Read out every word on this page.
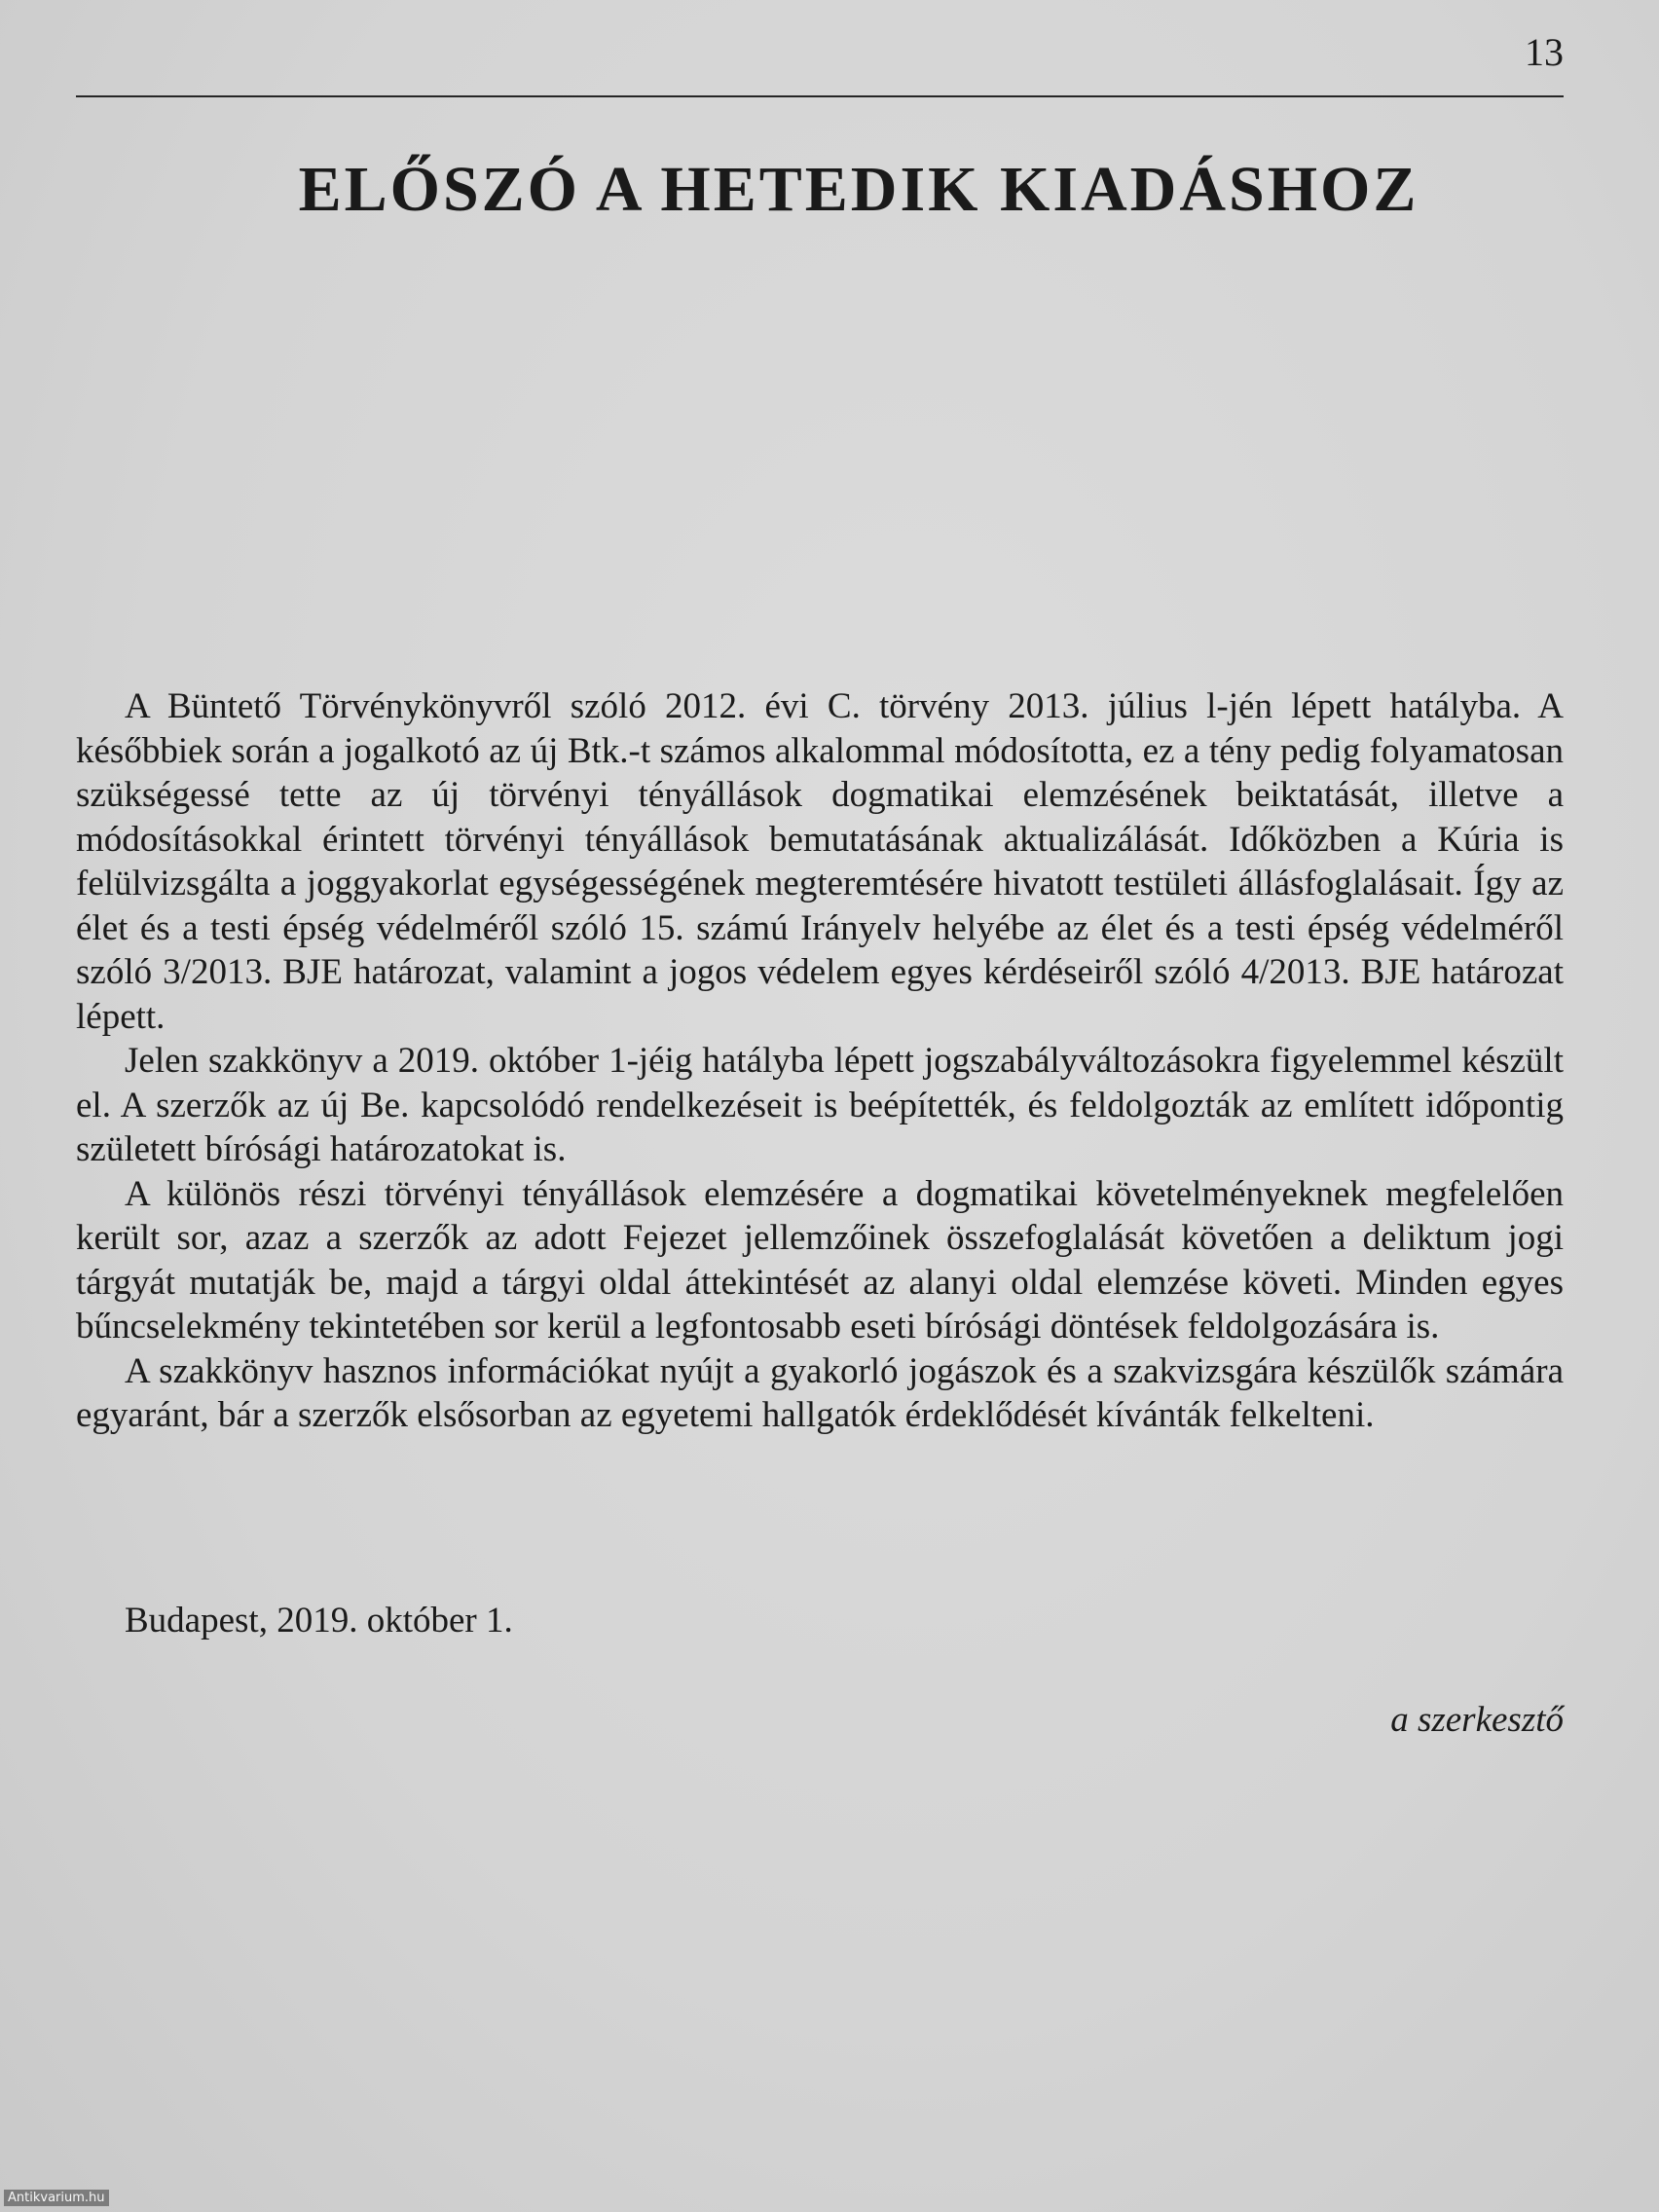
13
ELŐSZÓ A HETEDIK KIADÁSHOZ

A Büntető Törvénykönyvről szóló 2012. évi C. törvény 2013. július l-jén lépett hatályba. A későbbiek során a jogalkotó az új Btk.-t számos alkalommal módosította, ez a tény pedig folyamatosan szükségessé tette az új törvényi tényállások dogmatikai elemzésének beiktatását, illetve a módosításokkal érintett törvényi tényállások bemutatásának aktualizálását. Időközben a Kúria is felülvizsgálta a joggyakorlat egységességének megteremtésére hivatott testületi állásfoglalásait. Így az élet és a testi épség védelméről szóló 15. számú Irányelv helyébe az élet és a testi épség védelméről szóló 3/2013. BJE határozat, valamint a jogos védelem egyes kérdéseiről szóló 4/2013. BJE határozat lépett.

Jelen szakkönyv a 2019. október 1-jéig hatályba lépett jogszabályváltozásokra figyelemmel készült el. A szerzők az új Be. kapcsolódó rendelkezéseit is beépítették, és feldolgozták az említett időpontig született bírósági határozatokat is.

A különös részi törvényi tényállások elemzésére a dogmatikai követelményeknek megfelelően került sor, azaz a szerzők az adott Fejezet jellemzőinek összefoglalását követően a deliktum jogi tárgyát mutatják be, majd a tárgyi oldal áttekintését az alanyi oldal elemzése követi. Minden egyes bűncselekmény tekintetében sor kerül a legfontosabb eseti bírósági döntések feldolgozására is.

A szakkönyv hasznos információkat nyújt a gyakorló jogászok és a szakvizsgára készülők számára egyaránt, bár a szerzők elsősorban az egyetemi hallgatók érdeklődését kívánták felkelteni.

Budapest, 2019. október 1.
a szerkesztő
Antikvarium.hu
